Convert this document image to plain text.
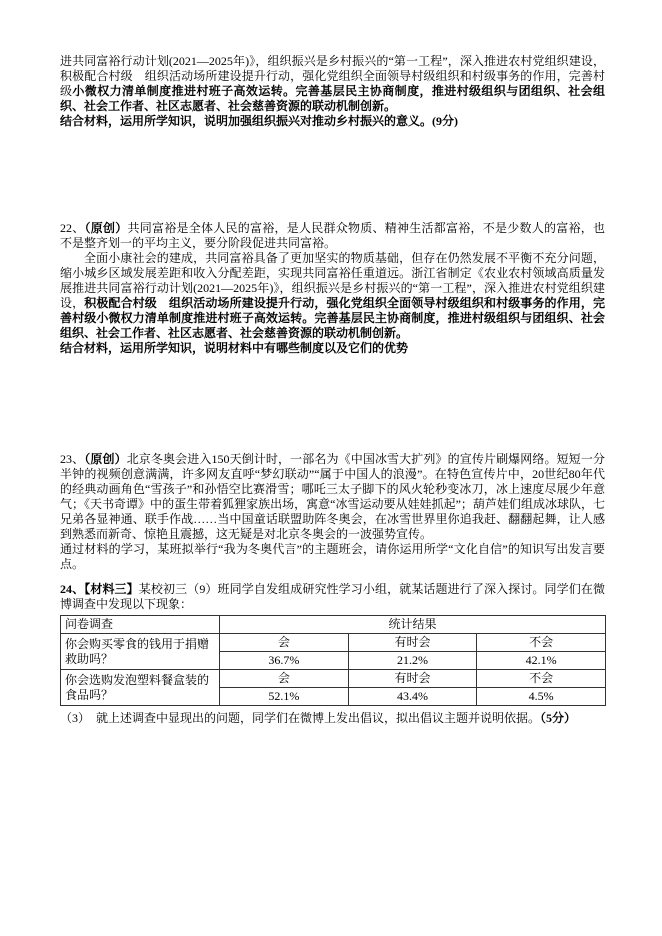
进共同富裕行动计划(2021—2025年)》，组织振兴是乡村振兴的“第一工程”，深入推进农村党组织建设，积极配合村级　组织活动场所建设提升行动，强化党组织全面领导村级组织和村级事务的作用，完善村级小微权力清单制度推进村班子高效运转。完善基层民主协商制度，推进村级组织与团组织、社会组织、社会工作者、社区志愿者、社会慈善资源的联动机制创新。

结合材料，运用所学知识，说明加强组织振兴对推动乡村振兴的意义。(9分)

22、（原创）共同富裕是全体人民的富裕，是人民群众物质、精神生活都富裕，不是少数人的富裕，也不是整齐划一的平均主义，要分阶段促进共同富裕。

全面小康社会的建成，共同富裕具备了更加坚实的物质基础，但存在仍然发展不平衡不充分问题，缩小城乡区域发展差距和收入分配差距，实现共同富裕任重道远。浙江省制定《农业农村领域高质量发展推进共同富裕行动计划(2021—2025年)》，组织振兴是乡村振兴的“第一工程”，深入推进农村党组织建设，积极配合村级　组织活动场所建设提升行动，强化党组织全面领导村级组织和村级事务的作用，完善村级小微权力清单制度推进村班子高效运转。完善基层民主协商制度，推进村级组织与团组织、社会组织、社会工作者、社区志愿者、社会慈善资源的联动机制创新。

结合材料，运用所学知识，说明材料中有哪些制度以及它们的优势

23、（原创）北京冬奥会进入150天倒计时，一部名为《中国冰雪大扩列》的宣传片刷爆网络。短短一分半钟的视频创意满满，许多网友直呼“梦幻联动”“属于中国人的浪漫”。在特色宣传片中，20世纪80年代的经典动画角色“雪孩子”和孙悟空比赛滑雪；哪吒三太子脚下的风火轮秒变冰刀，冰上速度尽展少年意气；《天书奇谭》中的蛋生带着狐狸家族出场，寓意“冰雪运动要从娃娃抓起”；葫芦娃们组成冰球队，七兄弟各显神通、联手作战……当中国童话联盟助阵冬奥会，在冰雪世界里你追我赶、翻翻起舞，让人感到熟悉而新奇、惊艳且震撼，这无疑是对北京冬奥会的一波强势宣传。

通过材料的学习，某班拟举行“我为冬奥代言”的主题班会，请你运用所学“文化自信”的知识写出发言要点。

24、【材料三】某校初三（9）班同学自发组成研究性学习小组，就某话题进行了深入探讨。同学们在微博调查中发现以下现象：

问卷调查	统计结果		
你会购买零食的钱用于捐赠救助吗？	会	有时会	不会
	36.7%	21.2%	42.1%
你会选购发泡塑料餐盒装的食品吗？	会	有时会	不会
	52.1%	43.4%	4.5%

（3）　就上述调查中显现出的问题，同学们在微博上发出倡议，拟出倡议主题并说明依据。（5分）
